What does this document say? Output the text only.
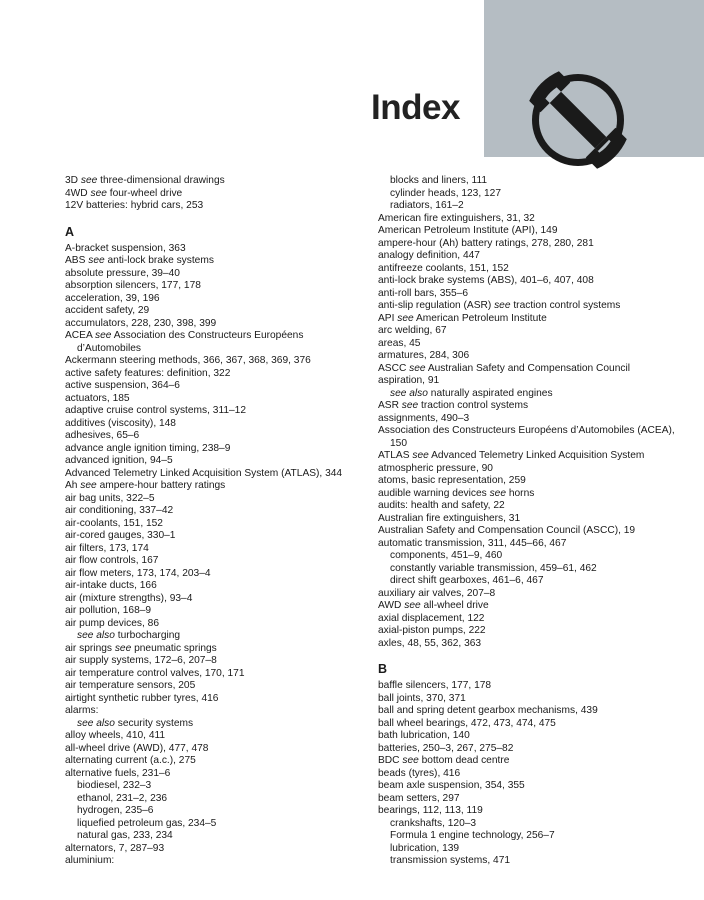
Index
3D see three-dimensional drawings
4WD see four-wheel drive
12V batteries: hybrid cars, 253
A
A-bracket suspension, 363
ABS see anti-lock brake systems
absolute pressure, 39–40
absorption silencers, 177, 178
acceleration, 39, 196
accident safety, 29
accumulators, 228, 230, 398, 399
ACEA see Association des Constructeurs Européens d’Automobiles
Ackermann steering methods, 366, 367, 368, 369, 376
active safety features: definition, 322
active suspension, 364–6
actuators, 185
adaptive cruise control systems, 311–12
additives (viscosity), 148
adhesives, 65–6
advance angle ignition timing, 238–9
advanced ignition, 94–5
Advanced Telemetry Linked Acquisition System (ATLAS), 344
Ah see ampere-hour battery ratings
air bag units, 322–5
air conditioning, 337–42
air-coolants, 151, 152
air-cored gauges, 330–1
air filters, 173, 174
air flow controls, 167
air flow meters, 173, 174, 203–4
air-intake ducts, 166
air (mixture strengths), 93–4
air pollution, 168–9
air pump devices, 86
see also turbocharging
air springs see pneumatic springs
air supply systems, 172–6, 207–8
air temperature control valves, 170, 171
air temperature sensors, 205
airtight synthetic rubber tyres, 416
alarms:
see also security systems
alloy wheels, 410, 411
all-wheel drive (AWD), 477, 478
alternating current (a.c.), 275
alternative fuels, 231–6
biodiesel, 232–3
ethanol, 231–2, 236
hydrogen, 235–6
liquefied petroleum gas, 234–5
natural gas, 233, 234
alternators, 7, 287–93
aluminium:
blocks and liners, 111
cylinder heads, 123, 127
radiators, 161–2
American fire extinguishers, 31, 32
American Petroleum Institute (API), 149
ampere-hour (Ah) battery ratings, 278, 280, 281
analogy definition, 447
antifreeze coolants, 151, 152
anti-lock brake systems (ABS), 401–6, 407, 408
anti-roll bars, 355–6
anti-slip regulation (ASR) see traction control systems
API see American Petroleum Institute
arc welding, 67
areas, 45
armatures, 284, 306
ASCC see Australian Safety and Compensation Council
aspiration, 91
see also naturally aspirated engines
ASR see traction control systems
assignments, 490–3
Association des Constructeurs Européens d’Automobiles (ACEA), 150
ATLAS see Advanced Telemetry Linked Acquisition System
atmospheric pressure, 90
atoms, basic representation, 259
audible warning devices see horns
audits: health and safety, 22
Australian fire extinguishers, 31
Australian Safety and Compensation Council (ASCC), 19
automatic transmission, 311, 445–66, 467
components, 451–9, 460
constantly variable transmission, 459–61, 462
direct shift gearboxes, 461–6, 467
auxiliary air valves, 207–8
AWD see all-wheel drive
axial displacement, 122
axial-piston pumps, 222
axles, 48, 55, 362, 363
B
baffle silencers, 177, 178
ball joints, 370, 371
ball and spring detent gearbox mechanisms, 439
ball wheel bearings, 472, 473, 474, 475
bath lubrication, 140
batteries, 250–3, 267, 275–82
BDC see bottom dead centre
beads (tyres), 416
beam axle suspension, 354, 355
beam setters, 297
bearings, 112, 113, 119
crankshafts, 120–3
Formula 1 engine technology, 256–7
lubrication, 139
transmission systems, 471
